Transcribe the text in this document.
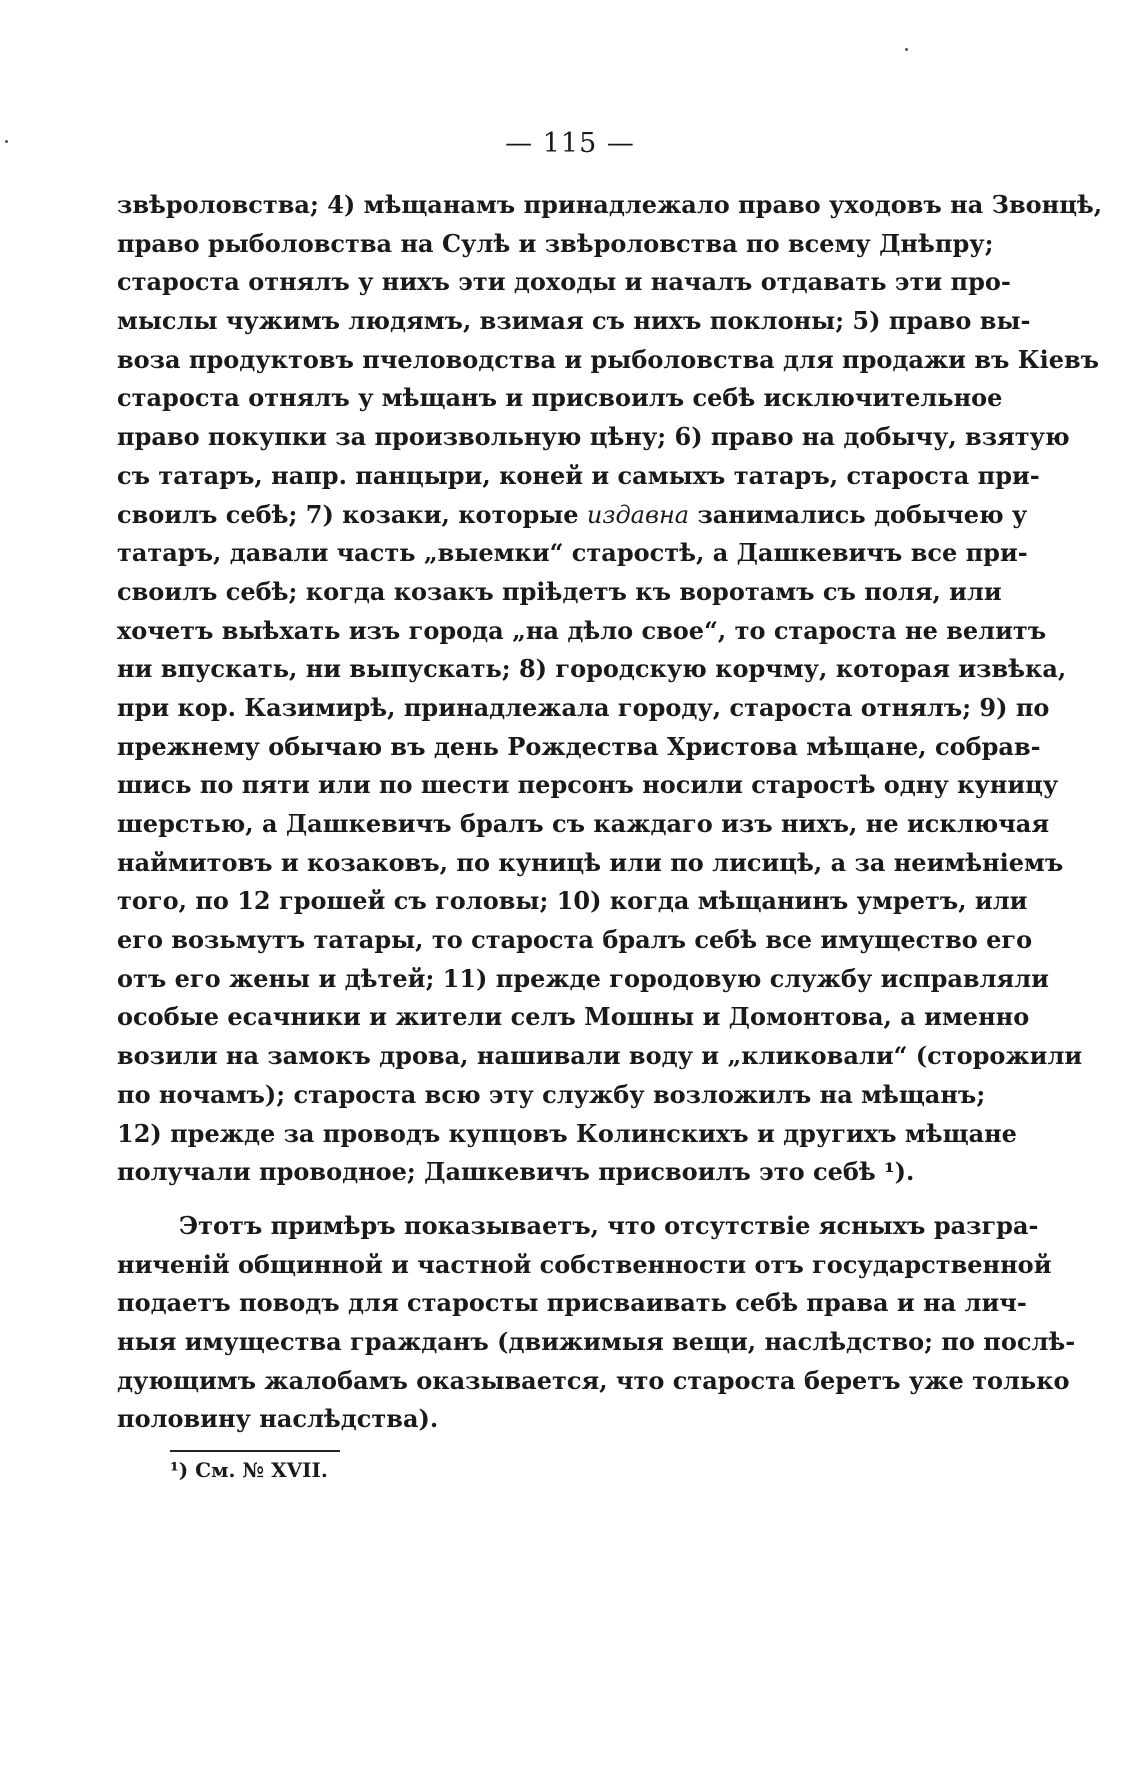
— 115 —
звѣроловства; 4) мѣщанамъ принадлежало право уходовъ на Звонцѣ,
право рыболовства на Сулѣ и звѣроловства по всему Днѣпру;
староста отнялъ у нихъ эти доходы и началъ отдавать эти про-
мыслы чужимъ людямъ, взимая съ нихъ поклоны; 5) право вы-
воза продуктовъ пчеловодства и рыболовства для продажи въ Кіевъ
староста отнялъ у мѣщанъ и присвоилъ себѣ исключительное
право покупки за произвольную цѣну; 6) право на добычу, взятую
съ татаръ, напр. панцыри, коней и самыхъ татаръ, староста при-
своилъ себѣ; 7) козаки, которые издавна занимались добычею у
татаръ, давали часть „выемки“ старостѣ, а Дашкевичъ все при-
своилъ себѣ; когда козакъ пріѣдетъ къ воротамъ съ поля, или
хочетъ выѣхать изъ города „на дѣло свое“, то староста не велитъ
ни впускать, ни выпускать; 8) городскую корчму, которая извѣка,
при кор. Казимирѣ, принадлежала городу, староста отнялъ; 9) по
прежнему обычаю въ день Рождества Христова мѣщане, собрав-
шись по пяти или по шести персонъ носили старостѣ одну куницу
шерстью, а Дашкевичъ бралъ съ каждаго изъ нихъ, не исключая
наймитовъ и козаковъ, по куницѣ или по лисицѣ, а за неимѣніемъ
того, по 12 грошей съ головы; 10) когда мѣщанинъ умретъ, или
его возьмутъ татары, то староста бралъ себѣ все имущество его
отъ его жены и дѣтей; 11) прежде городовую службу исправляли
особые есачники и жители селъ Мошны и Домонтова, а именно
возили на замокъ дрова, нашивали воду и „кликовали“ (сторожили
по ночамъ); староста всю эту службу возложилъ на мѣщанъ;
12) прежде за проводъ купцовъ Колинскихъ и другихъ мѣщане
получали проводное; Дашкевичъ присвоилъ это себѣ ¹).
Этотъ примѣръ показываетъ, что отсутствіе ясныхъ разгра-
ниченій общинной и частной собственности отъ государственной
подаетъ поводъ для старосты присваивать себѣ права и на лич-
ныя имущества гражданъ (движимыя вещи, наслѣдство; по послѣ-
дующимъ жалобамъ оказывается, что староста беретъ уже только
половину наслѣдства).
¹) См. № XVII.
